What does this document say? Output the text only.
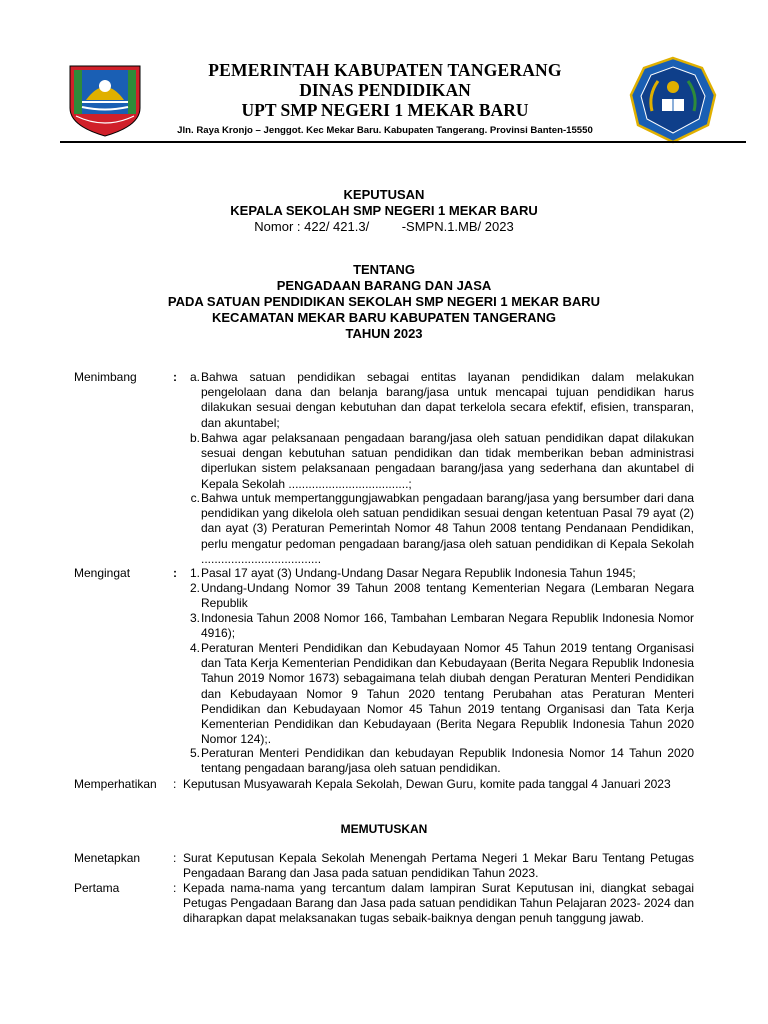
PEMERINTAH KABUPATEN TANGERANG
DINAS PENDIDIKAN
UPT SMP NEGERI 1 MEKAR BARU
Jln. Raya Kronjo – Jenggot. Kec Mekar Baru. Kabupaten Tangerang. Provinsi Banten-15550
KEPUTUSAN
KEPALA SEKOLAH SMP NEGERI 1 MEKAR BARU
Nomor : 422/ 421.3/         -SMPN.1.MB/ 2023
TENTANG
PENGADAAN BARANG DAN JASA
PADA SATUAN PENDIDIKAN SEKOLAH SMP NEGERI 1 MEKAR BARU
KECAMATAN MEKAR BARU KABUPATEN TANGERANG
TAHUN 2023
Menimbang	:	a. Bahwa satuan pendidikan sebagai entitas layanan pendidikan dalam melakukan pengelolaan dana dan belanja barang/jasa untuk mencapai tujuan pendidikan harus dilakukan sesuai dengan kebutuhan dan dapat terkelola secara efektif, efisien, transparan, dan akuntabel;
b. Bahwa agar pelaksanaan pengadaan barang/jasa oleh satuan pendidikan dapat dilakukan sesuai dengan kebutuhan satuan pendidikan dan tidak memberikan beban administrasi diperlukan sistem pelaksanaan pengadaan barang/jasa yang sederhana dan akuntabel di Kepala Sekolah ....................................;
c. Bahwa untuk mempertanggungjawabkan pengadaan barang/jasa yang bersumber dari dana pendidikan yang dikelola oleh satuan pendidikan sesuai dengan ketentuan Pasal 79 ayat (2) dan ayat (3) Peraturan Pemerintah Nomor 48 Tahun 2008 tentang Pendanaan Pendidikan, perlu mengatur pedoman pengadaan barang/jasa oleh satuan pendidikan di Kepala Sekolah ....................................
Mengingat	:	1. Pasal 17 ayat (3) Undang-Undang Dasar Negara Republik Indonesia Tahun 1945;
2. Undang-Undang Nomor 39 Tahun 2008 tentang Kementerian Negara (Lembaran Negara Republik
3. Indonesia Tahun 2008 Nomor 166, Tambahan Lembaran Negara Republik Indonesia Nomor 4916);
4. Peraturan Menteri Pendidikan dan Kebudayaan Nomor 45 Tahun 2019 tentang Organisasi dan Tata Kerja Kementerian Pendidikan dan Kebudayaan (Berita Negara Republik Indonesia Tahun 2019 Nomor 1673) sebagaimana telah diubah dengan Peraturan Menteri Pendidikan dan Kebudayaan Nomor 9 Tahun 2020 tentang Perubahan atas Peraturan Menteri Pendidikan dan Kebudayaan Nomor 45 Tahun 2019 tentang Organisasi dan Tata Kerja Kementerian Pendidikan dan Kebudayaan (Berita Negara Republik Indonesia Tahun 2020 Nomor 124);.
5. Peraturan Menteri Pendidikan dan kebudayan Republik Indonesia Nomor 14 Tahun 2020 tentang pengadaan barang/jasa oleh satuan pendidikan.
Memperhatikan : Keputusan Musyawarah Kepala Sekolah, Dewan Guru, komite pada tanggal 4 Januari 2023
MEMUTUSKAN
Menetapkan	: Surat Keputusan Kepala Sekolah Menengah Pertama Negeri 1 Mekar Baru Tentang Petugas Pengadaan Barang dan Jasa pada satuan pendidikan Tahun 2023.
Pertama	: Kepada nama-nama yang tercantum dalam lampiran Surat Keputusan ini, diangkat sebagai Petugas Pengadaan Barang dan Jasa pada satuan pendidikan Tahun Pelajaran 2023- 2024 dan diharapkan dapat melaksanakan tugas sebaik-baiknya dengan penuh tanggung jawab.
